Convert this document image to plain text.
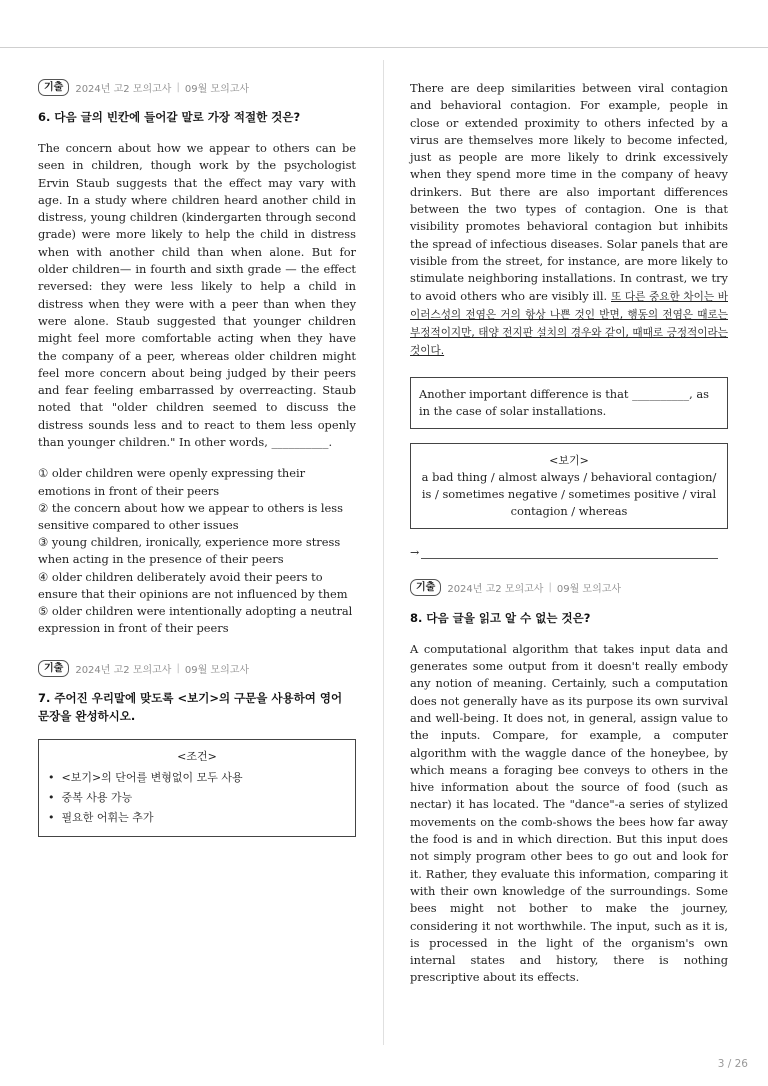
기출	2024년 고2 모의고사 | 09월 모의고사
6. 다음 글의 빈칸에 들어갈 말로 가장 적절한 것은?

The concern about how we appear to others can be seen in children, though work by the psychologist Ervin Staub suggests that the effect may vary with age. In a study where children heard another child in distress, young children (kindergarten through second grade) were more likely to help the child in distress when with another child than when alone. But for older children— in fourth and sixth grade — the effect reversed: they were less likely to help a child in distress when they were with a peer than when they were alone. Staub suggested that younger children might feel more comfortable acting when they have the company of a peer, whereas older children might feel more concern about being judged by their peers and fear feeling embarrassed by overreacting. Staub noted that "older children seemed to discuss the distress sounds less and to react to them less openly than younger children." In other words, __________.

① older children were openly expressing their emotions in front of their peers

② the concern about how we appear to others is less sensitive compared to other issues

③ young children, ironically, experience more stress when acting in the presence of their peers

④ older children deliberately avoid their peers to ensure that their opinions are not influenced by them

⑤ older children were intentionally adopting a neutral expression in front of their peers

기출	2024년 고2 모의고사 | 09월 모의고사
7. 주어진 우리말에 맞도록 <보기>의 구문을 사용하여 영어 문장을 완성하시오.
<조건>
• <보기>의 단어를 변형없이 모두 사용
• 중복 사용 가능
• 필요한 어휘는 추가

There are deep similarities between viral contagion and behavioral contagion. For example, people in close or extended proximity to others infected by a virus are themselves more likely to become infected, just as people are more likely to drink excessively when they spend more time in the company of heavy drinkers. But there are also important differences between the two types of contagion. One is that visibility promotes behavioral contagion but inhibits the spread of infectious diseases. Solar panels that are visible from the street, for instance, are more likely to stimulate neighboring installations. In contrast, we try to avoid others who are visibly ill. 또 다른 중요한 차이는 바이러스성의 전염은 거의 항상 나쁜 것인 반면, 행동의 전염은 때로는 부정적이지만, 태양 전지판 설치의 경우와 같이, 때때로 긍정적이라는 것이다.

Another important difference is that __________, as in the case of solar installations.
<보기>
a bad thing / almost always / behavioral contagion/ is / sometimes negative / sometimes positive / viral contagion / whereas
→
기출	2024년 고2 모의고사 | 09월 모의고사
8. 다음 글을 읽고 알 수 없는 것은?

A computational algorithm that takes input data and generates some output from it doesn't really embody any notion of meaning. Certainly, such a computation does not generally have as its purpose its own survival and well-being. It does not, in general, assign value to the inputs. Compare, for example, a computer algorithm with the waggle dance of the honeybee, by which means a foraging bee conveys to others in the hive information about the source of food (such as nectar) it has located. The "dance"-a series of stylized movements on the comb-shows the bees how far away the food is and in which direction. But this input does not simply program other bees to go out and look for it. Rather, they evaluate this information, comparing it with their own knowledge of the surroundings. Some bees might not bother to make the journey, considering it not worthwhile. The input, such as it is, is processed in the light of the organism's own internal states and history, there is nothing prescriptive about its effects.

3 / 26
